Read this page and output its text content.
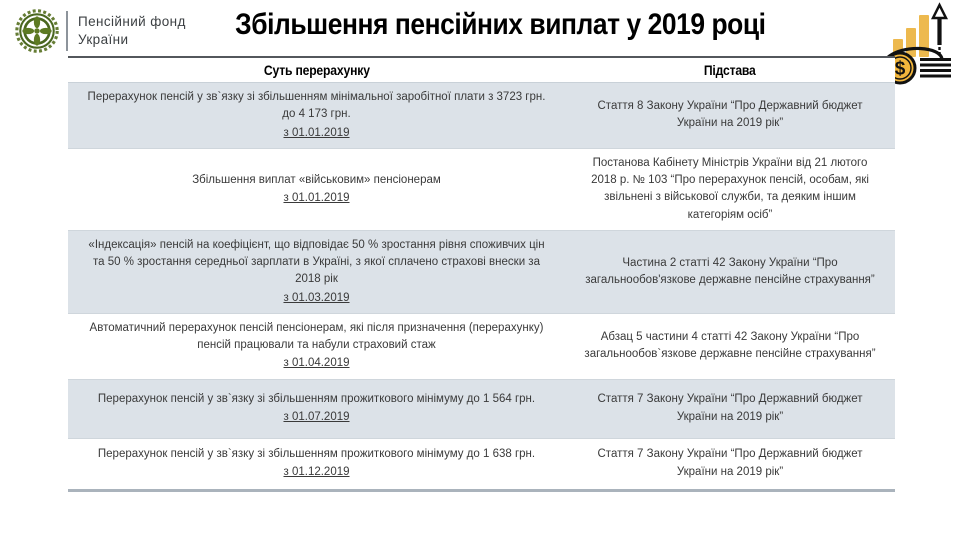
Пенсійний фонд
України	Збільшення пенсійних виплат у 2019 році
$
Суть перерахунку	Підстава
Перерахунок пенсій у зв`язку зі збільшенням мінімальної заробітної плати з 3723 грн. до 4 173 грн.
з 01.01.2019
Стаття 8 Закону України “Про Державний бюджет України на 2019 рік”
Збільшення виплат «військовим» пенсіонерам
з 01.01.2019
Постанова Кабінету Міністрів України від 21 лютого 2018 р. № 103 “Про перерахунок пенсій, особам, які звільнені з військової служби, та деяким іншим категоріям осіб”
«Індексація» пенсій на коефіцієнт, що відповідає 50 % зростання рівня споживчих цін та 50 % зростання середньої зарплати в Україні, з якої сплачено страхові внески за 2018 рік
з 01.03.2019
Частина 2 статті 42 Закону України “Про загальнообов'язкове державне пенсійне страхування”
Автоматичний перерахунок пенсій пенсіонерам, які після призначення (перерахунку) пенсій працювали та набули страховий стаж
з 01.04.2019
Абзац 5 частини 4 статті 42 Закону України “Про загальнообов`язкове державне пенсійне страхування”
Перерахунок пенсій у зв`язку зі збільшенням прожиткового мінімуму до 1 564 грн.
з 01.07.2019
Стаття 7 Закону України “Про Державний бюджет України на 2019 рік”
Перерахунок пенсій у зв`язку зі збільшенням прожиткового мінімуму до 1 638 грн.
з 01.12.2019
Стаття 7 Закону України “Про Державний бюджет України на 2019 рік”
